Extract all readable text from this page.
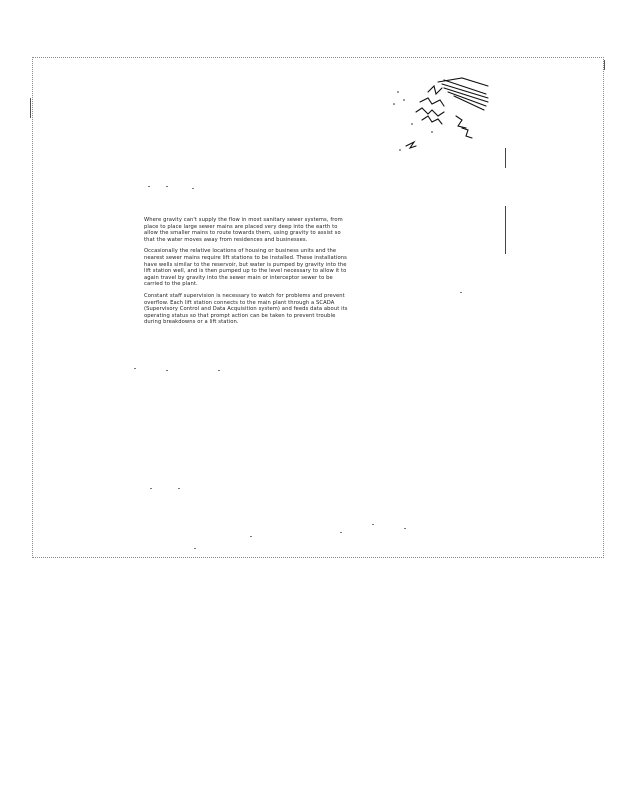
Where gravity can't supply the flow in most sanitary sewer systems, from place to place large sewer mains are placed very deep into the earth to allow the smaller mains to route towards them, using gravity to assist so that the water moves away from residences and businesses.

Occasionally the relative locations of housing or business units and the nearest sewer mains require lift stations to be installed. These installations have wells similar to the reservoir, but water is pumped by gravity into the lift station well, and is then pumped up to the level necessary to allow it to again travel by gravity into the sewer main or interceptor sewer to be carried to the plant.

Constant staff supervision is necessary to watch for problems and prevent overflow. Each lift station connects to the main plant through a SCADA (Supervisory Control and Data Acquisition system) and feeds data about its operating status so that prompt action can be taken to prevent trouble during breakdowns or a lift station.
